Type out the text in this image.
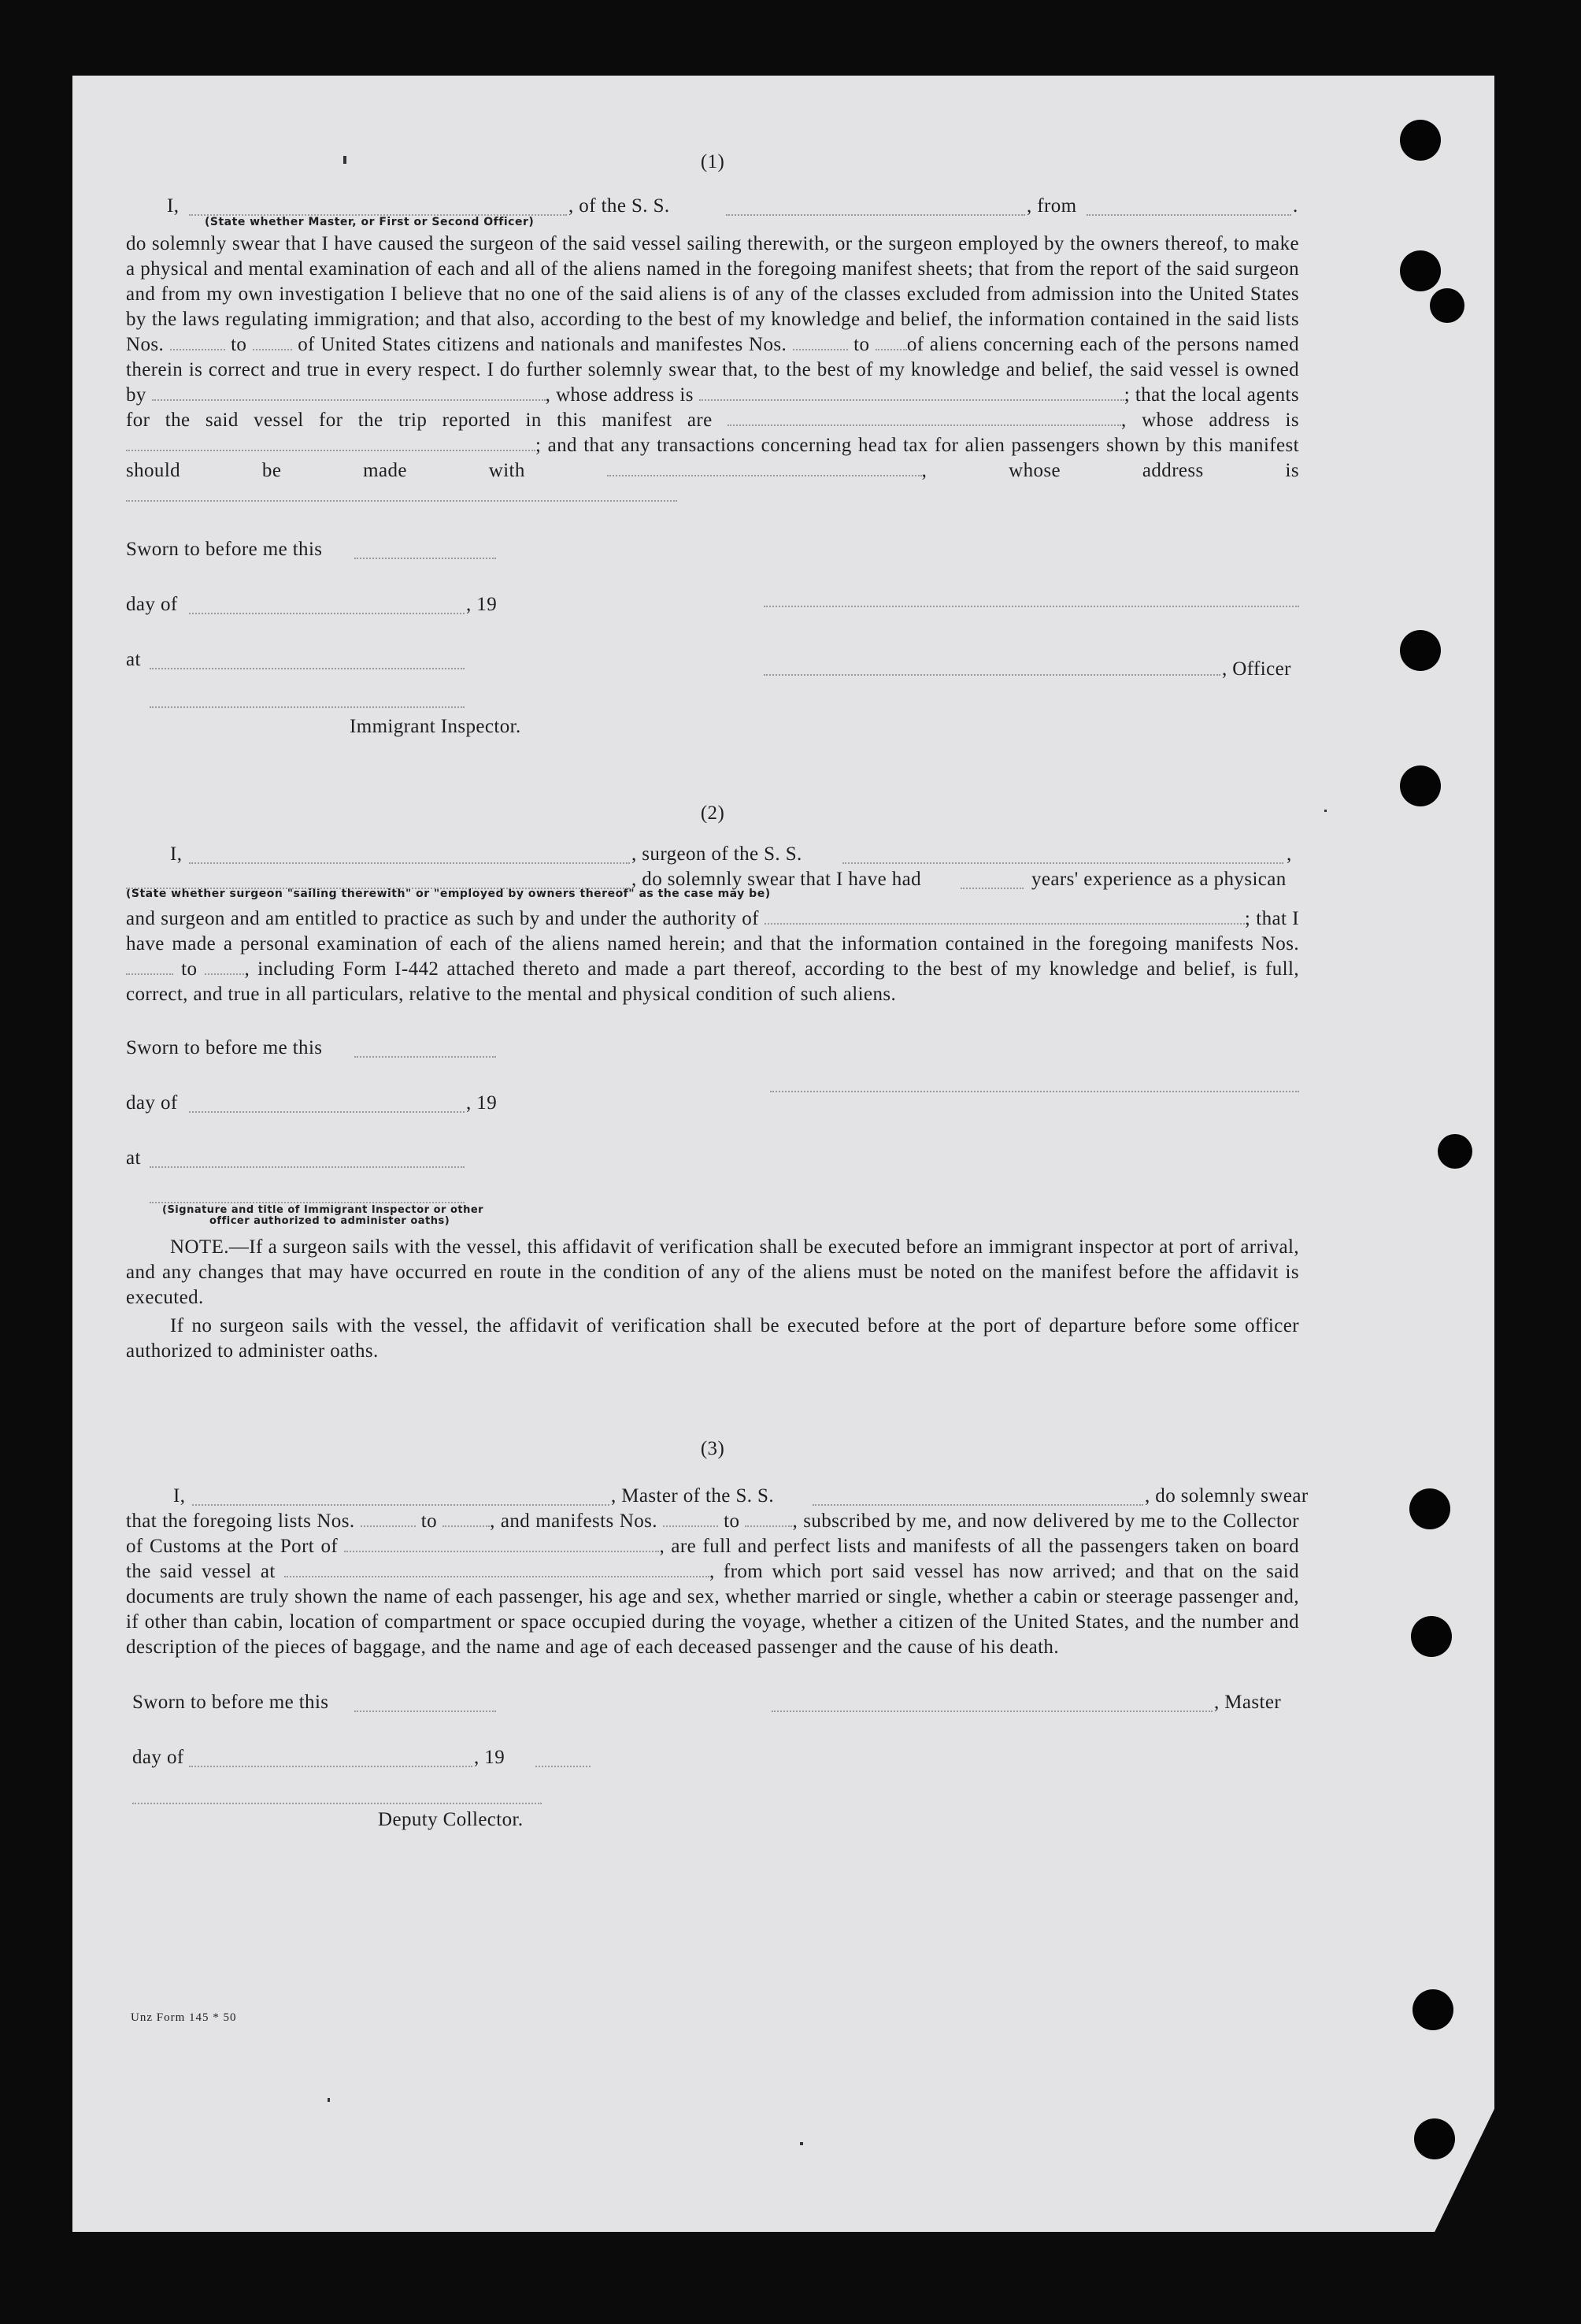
(1)

I,	, of the S. S.	, from	.
(State whether Master, or First or Second Officer)

do solemnly swear that I have caused the surgeon of the said vessel sailing therewith, or the surgeon employed by the owners thereof, to make a physical and mental examination of each and all of the aliens named in the foregoing manifest sheets; that from the report of the said surgeon and from my own investigation I believe that no one of the said aliens is of any of the classes excluded from admission into the United States by the laws regulating immigration; and that also, according to the best of my knowledge and belief, the information contained in the said lists Nos.	to	of United States citizens and nationals and manifestes Nos.	to of aliens concerning each of the persons named therein is correct and true in every respect. I do further solemnly swear that, to the best of my knowledge and belief, the said vessel is owned by	, whose address is	; that the local agents for the said vessel for the trip reported in this manifest are	, whose address is ; and that any transactions concerning head tax for alien passengers shown by this manifest should be made with	,	whose address is

Sworn to before me this
day of	, 19
at	, Officer
Immigrant Inspector.

(2)

I,	, surgeon of the S. S.	,
, do solemnly swear that I have had	years' experience as a physican
(State whether surgeon "sailing therewith" or "employed by owners thereof" as the case may be)

and surgeon and am entitled to practice as such by and under the authority of	; that I have made a personal examination of each of the aliens named herein; and that the information contained in the foregoing manifests Nos.  to , including Form I-442 attached thereto and made a part thereof, according to the best of my knowledge and belief, is full, correct, and true in all particulars, relative to the mental and physical condition of such aliens.

Sworn to before me this
day of	, 19
at
(Signature and title of Immigrant Inspector or other
officer authorized to administer oaths)

NOTE.—If a surgeon sails with the vessel, this affidavit of verification shall be executed before an immigrant inspector at port of arrival, and any changes that may have occurred en route in the condition of any of the aliens must be noted on the manifest before the affidavit is executed.

If no surgeon sails with the vessel, the affidavit of verification shall be executed before at the port of departure before some officer authorized to administer oaths.

(3)

I,	, Master of the S. S.	, do solemnly swear

that the foregoing lists Nos.	to	, and manifests Nos.	to	, subscribed by me, and now delivered by me to the Collector of Customs at the Port of	, are full and perfect lists and manifests of all the passengers taken on board the said vessel at	, from which port said vessel has now arrived; and that on the said documents are truly shown the name of each passenger, his age and sex, whether married or single, whether a cabin or steerage passenger and, if other than cabin, location of compartment or space occupied during the voyage, whether a citizen of the United States, and the number and description of the pieces of baggage, and the name and age of each deceased passenger and the cause of his death.

Sworn to before me this	, Master
day of	, 19
Deputy Collector.
Unz Form 145 * 50
